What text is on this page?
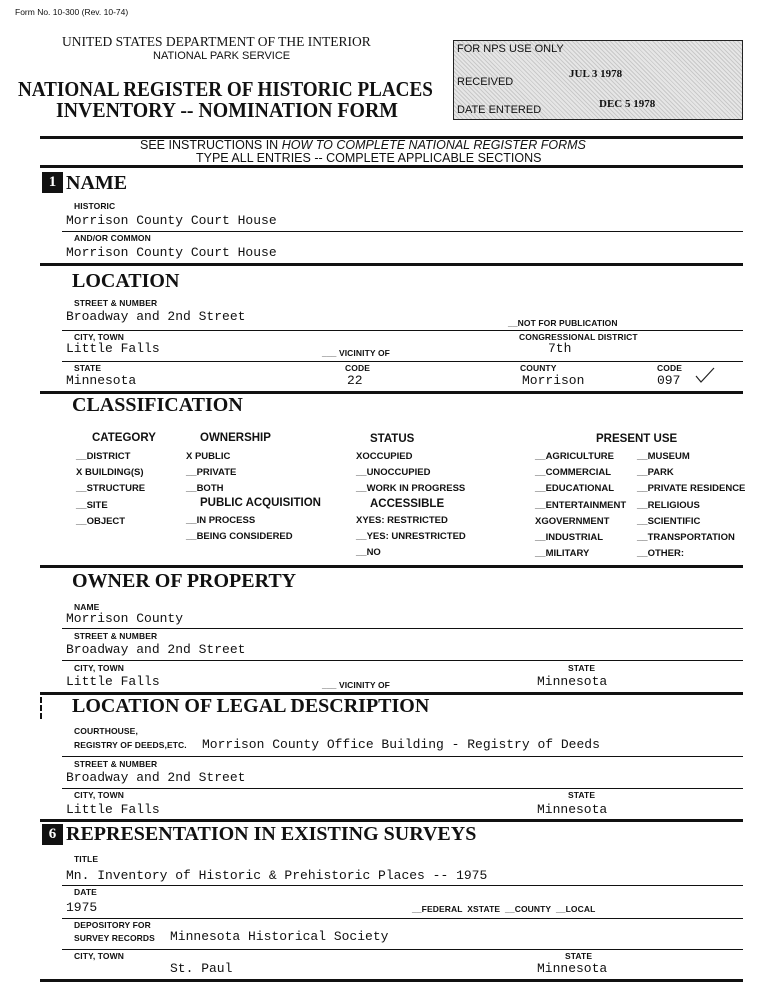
Form No. 10-300 (Rev. 10-74)
UNITED STATES DEPARTMENT OF THE INTERIOR
NATIONAL PARK SERVICE
NATIONAL REGISTER OF HISTORIC PLACES
INVENTORY -- NOMINATION FORM
FOR NPS USE ONLY
RECEIVED
JUL 3 1978
DATE ENTERED	DEC 5 1978
SEE INSTRUCTIONS IN HOW TO COMPLETE NATIONAL REGISTER FORMS
TYPE ALL ENTRIES -- COMPLETE APPLICABLE SECTIONS
1 NAME
HISTORIC
Morrison County Court House
AND/OR COMMON
Morrison County Court House
LOCATION
STREET & NUMBER
Broadway and 2nd Street	__NOT FOR PUBLICATION
CITY, TOWN	CONGRESSIONAL DISTRICT
Little Falls	___ VICINITY OF	7th
STATE	CODE	COUNTY	CODE
Minnesota	22	Morrison	097
CLASSIFICATION
CATEGORY	OWNERSHIP	STATUS	PRESENT USE
PUBLIC ACQUISITION	ACCESSIBLE
__DISTRICT
X BUILDING(S)
__STRUCTURE
__SITE
__OBJECT
X PUBLIC
__PRIVATE
__BOTH
__IN PROCESS
__BEING CONSIDERED
XOCCUPIED
__UNOCCUPIED
__WORK IN PROGRESS
XYES: RESTRICTED
__YES: UNRESTRICTED
__NO
__AGRICULTURE
__COMMERCIAL
__EDUCATIONAL
__ENTERTAINMENT
XGOVERNMENT
__INDUSTRIAL
__MILITARY
__MUSEUM
__PARK
__PRIVATE RESIDENCE
__RELIGIOUS
__SCIENTIFIC
__TRANSPORTATION
__OTHER:
OWNER OF PROPERTY
NAME
Morrison County
STREET & NUMBER
Broadway and 2nd Street
CITY, TOWN	STATE
Little Falls	___ VICINITY OF	Minnesota
LOCATION OF LEGAL DESCRIPTION
COURTHOUSE,
REGISTRY OF DEEDS,ETC. Morrison County Office Building - Registry of Deeds
STREET & NUMBER
Broadway and 2nd Street
CITY, TOWN	STATE
Little Falls	Minnesota
6 REPRESENTATION IN EXISTING SURVEYS
TITLE
Mn. Inventory of Historic & Prehistoric Places -- 1975
DATE
1975	__FEDERAL  XSTATE  __COUNTY  __LOCAL
DEPOSITORY FOR
SURVEY RECORDS Minnesota Historical Society
CITY, TOWN	STATE
St. Paul	Minnesota
